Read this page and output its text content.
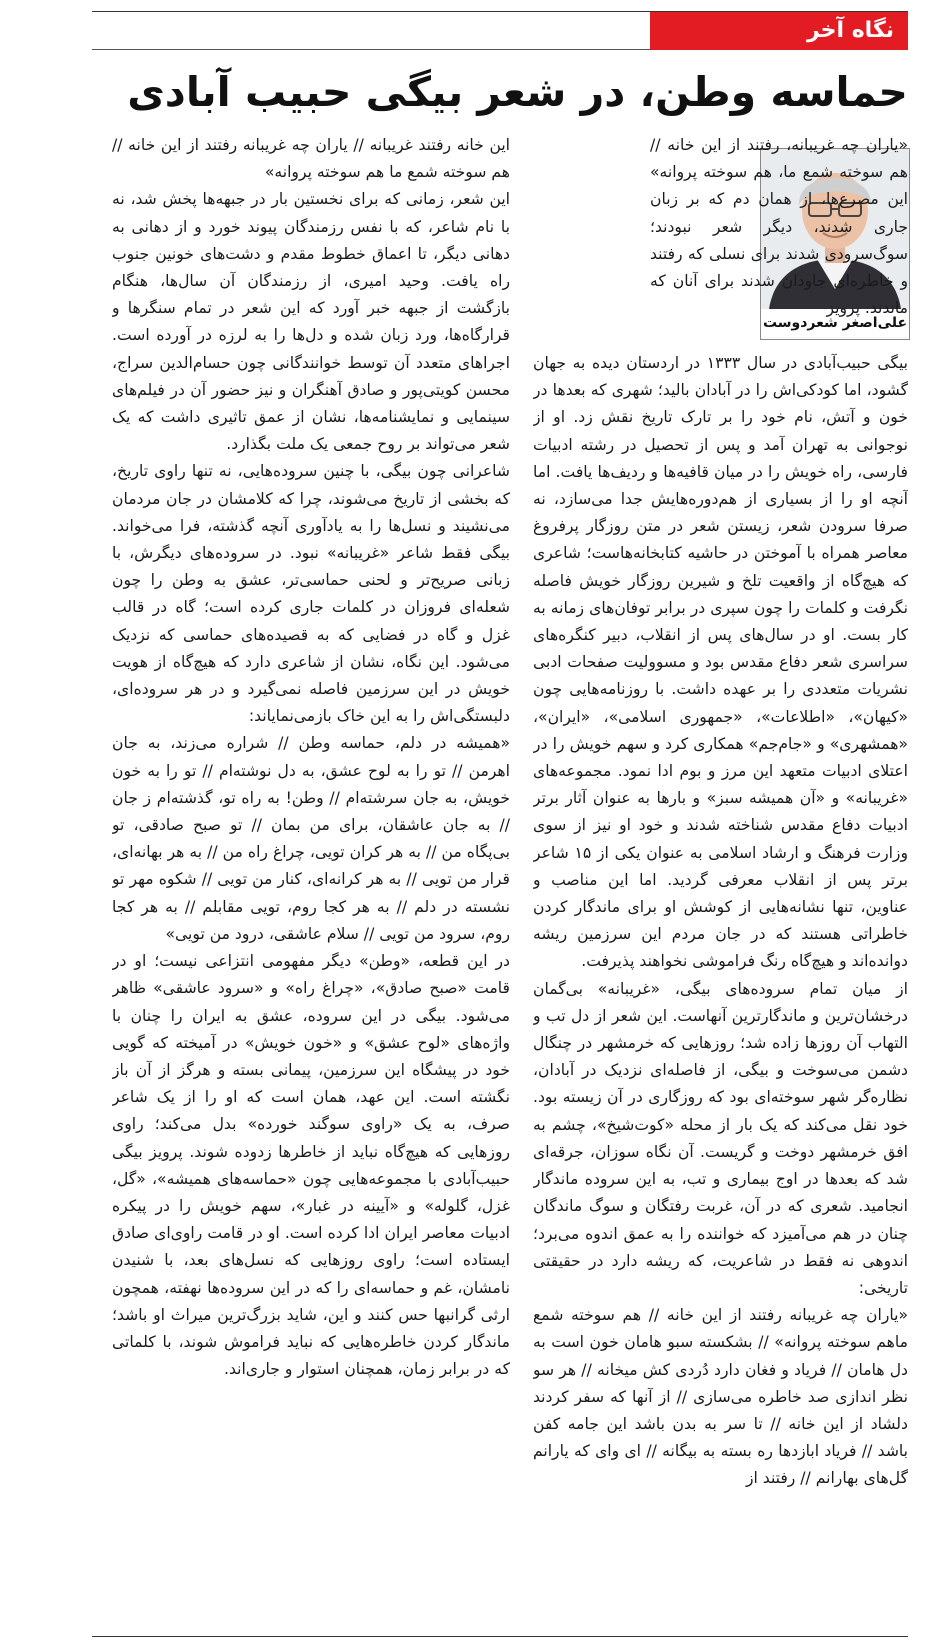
نگاه آخر
حماسه وطن، در شعر بیگی حبیب آبادی
علی‌اصغر شعردوست

«یاران چه غریبانه، رفتند از این خانه // هم سوخته شمع ما، هم سوخته پروانه» این مصرع‌ها، از همان دم که بر زبان جاری شدند، دیگر شعر نبودند؛ سوگ‌سرودی شدند برای نسلی که رفتند و خاطره‌ای جاودان شدند برای آنان که ماندند. پرویز

بیگی حبیب‌آبادی در سال ۱۳۳۳ در اردستان دیده به جهان گشود، اما کودکی‌اش را در آبادان بالید؛ شهری که بعدها در خون و آتش، نام خود را بر تارک تاریخ نقش زد. او از نوجوانی به تهران آمد و پس از تحصیل در رشته ادبیات فارسی، راه خویش را در میان قافیه‌ها و ردیف‌ها یافت. اما آنچه او را از بسیاری از هم‌دوره‌هایش جدا می‌سازد، نه صرفا سرودن شعر، زیستن شعر در متن روزگار پرفروغ معاصر همراه با آموختن در حاشیه کتابخانه‌هاست؛ شاعری که هیچ‌گاه از واقعیت تلخ و شیرین روزگار خویش فاصله نگرفت و کلمات را چون سپری در برابر توفان‌های زمانه به کار بست. او در سال‌های پس از انقلاب، دبیر کنگره‌های سراسری شعر دفاع مقدس بود و مسوولیت صفحات ادبی نشریات متعددی را بر عهده داشت. با روزنامه‌هایی چون «کیهان»، «اطلاعات»، «جمهوری اسلامی»، «ایران»، «همشهری» و «جام‌جم» همکاری کرد و سهم خویش را در اعتلای ادبیات متعهد این مرز و بوم ادا نمود. مجموعه‌های «غریبانه» و «آن همیشه سبز» و بارها به عنوان آثار برتر ادبیات دفاع مقدس شناخته شدند و خود او نیز از سوی وزارت فرهنگ و ارشاد اسلامی به عنوان یکی از ۱۵ شاعر برتر پس از انقلاب معرفی گردید. اما این مناصب و عناوین، تنها نشانه‌هایی از کوشش او برای ماندگار کردن خاطراتی هستند که در جان مردم این سرزمین ریشه دوانده‌اند و هیچ‌گاه رنگ فراموشی نخواهند پذیرفت.

از میان تمام سروده‌های بیگی، «غریبانه» بی‌گمان درخشان‌ترین و ماندگارترین آنهاست. این شعر از دل تب و التهاب آن روزها زاده شد؛ روزهایی که خرمشهر در چنگال دشمن می‌سوخت و بیگی، از فاصله‌ای نزدیک در آبادان، نظاره‌گر شهر سوخته‌ای بود که روزگاری در آن زیسته بود. خود نقل می‌کند که یک بار از محله «کوت‌شیخ»، چشم به افق خرمشهر دوخت و گریست. آن نگاه سوزان، جرقه‌ای شد که بعدها در اوج بیماری و تب، به این سروده ماندگار انجامید. شعری که در آن، غربت رفتگان و سوگ ماندگان چنان در هم می‌آمیزد که خواننده را به عمق اندوه می‌برد؛ اندوهی نه فقط در شاعریت، که ریشه دارد در حقیقتی تاریخی:

«یاران چه غریبانه رفتند از این خانه // هم سوخته شمع ماهم سوخته پروانه» // بشکسته سبو هامان خون است به دل هامان // فریاد و فغان دارد دُردی کش میخانه // هر سو نظر اندازی صد خاطره می‌سازی // از آنها که سفر کردند دلشاد از این خانه // تا سر به بدن باشد این جامه کفن باشد // فریاد ابازدها ره بسته به بیگانه // ای وای که یارانم گل‌های بهارانم // رفتند از

این خانه رفتند غریبانه // یاران چه غریبانه رفتند از این خانه // هم سوخته شمع ما هم سوخته پروانه»

این شعر، زمانی که برای نخستین بار در جبهه‌ها پخش شد، نه با نام شاعر، که با نفس رزمندگان پیوند خورد و از دهانی به دهانی دیگر، تا اعماق خطوط مقدم و دشت‌های خونین جنوب راه یافت. وحید امیری، از رزمندگان آن سال‌ها، هنگام بازگشت از جبهه خبر آورد که این شعر در تمام سنگرها و قرارگاه‌ها، ورد زبان شده و دل‌ها را به لرزه در آورده است. اجراهای متعدد آن توسط خوانندگانی چون حسام‌الدین سراج، محسن کویتی‌پور و صادق آهنگران و نیز حضور آن در فیلم‌های سینمایی و نمایشنامه‌ها، نشان از عمق تاثیری داشت که یک شعر می‌تواند بر روح جمعی یک ملت بگذارد.

شاعرانی چون بیگی، با چنین سروده‌هایی، نه تنها راوی تاریخ، که بخشی از تاریخ می‌شوند، چرا که کلامشان در جان مردمان می‌نشیند و نسل‌ها را به یادآوری آنچه گذشته، فرا می‌خواند. بیگی فقط شاعر «غریبانه» نبود. در سروده‌های دیگرش، با زبانی صریح‌تر و لحنی حماسی‌تر، عشق به وطن را چون شعله‌ای فروزان در کلمات جاری کرده است؛ گاه در قالب غزل و گاه در فضایی که به قصیده‌های حماسی که نزدیک می‌شود. این نگاه، نشان از شاعری دارد که هیچ‌گاه از هویت خویش در این سرزمین فاصله نمی‌گیرد و در هر سروده‌ای، دلبستگی‌اش را به این خاک بازمی‌نمایاند:

«همیشه در دلم، حماسه وطن // شراره می‌زند، به جان اهرمن // تو را به لوح عشق، به دل نوشته‌ام // تو را به خون خویش، به جان سرشته‌ام // وطن! به راه تو، گذشته‌ام ز جان // به جان عاشقان، برای من بمان // تو صبح صادقی، تو بی‌پگاه من // به هر کران تویی، چراغ راه من // به هر بهانه‌ای، قرار من تویی // به هر کرانه‌ای، کنار من تویی // شکوه مهر تو نشسته در دلم // به هر کجا روم، تویی مقابلم // به هر کجا روم، سرود من تویی // سلام عاشقی، درود من تویی»

در این قطعه، «وطن» دیگر مفهومی انتزاعی نیست؛ او در قامت «صبح صادق»، «چراغ راه» و «سرود عاشقی» ظاهر می‌شود. بیگی در این سروده، عشق به ایران را چنان با واژه‌های «لوح عشق» و «خون خویش» در آمیخته که گویی خود در پیشگاه این سرزمین، پیمانی بسته و هرگز از آن باز نگشته است. این عهد، همان است که او را از یک شاعر صرف، به یک «راوی سوگند خورده» بدل می‌کند؛ راوی روزهایی که هیچ‌گاه نباید از خاطرها زدوده شوند. پرویز بیگی حبیب‌آبادی با مجموعه‌هایی چون «حماسه‌های همیشه»، «گل، غزل، گلوله» و «آیینه در غبار»، سهم خویش را در پیکره ادبیات معاصر ایران ادا کرده است. او در قامت راوی‌ای صادق ایستاده است؛ راوی روزهایی که نسل‌های بعد، با شنیدن نامشان، غم و حماسه‌ای را که در این سروده‌ها نهفته، همچون ارثی گرانبها حس کنند و این، شاید بزرگ‌ترین میراث او باشد؛ ماندگار کردن خاطره‌هایی که نباید فراموش شوند، با کلماتی که در برابر زمان، همچنان استوار و جاری‌اند.
